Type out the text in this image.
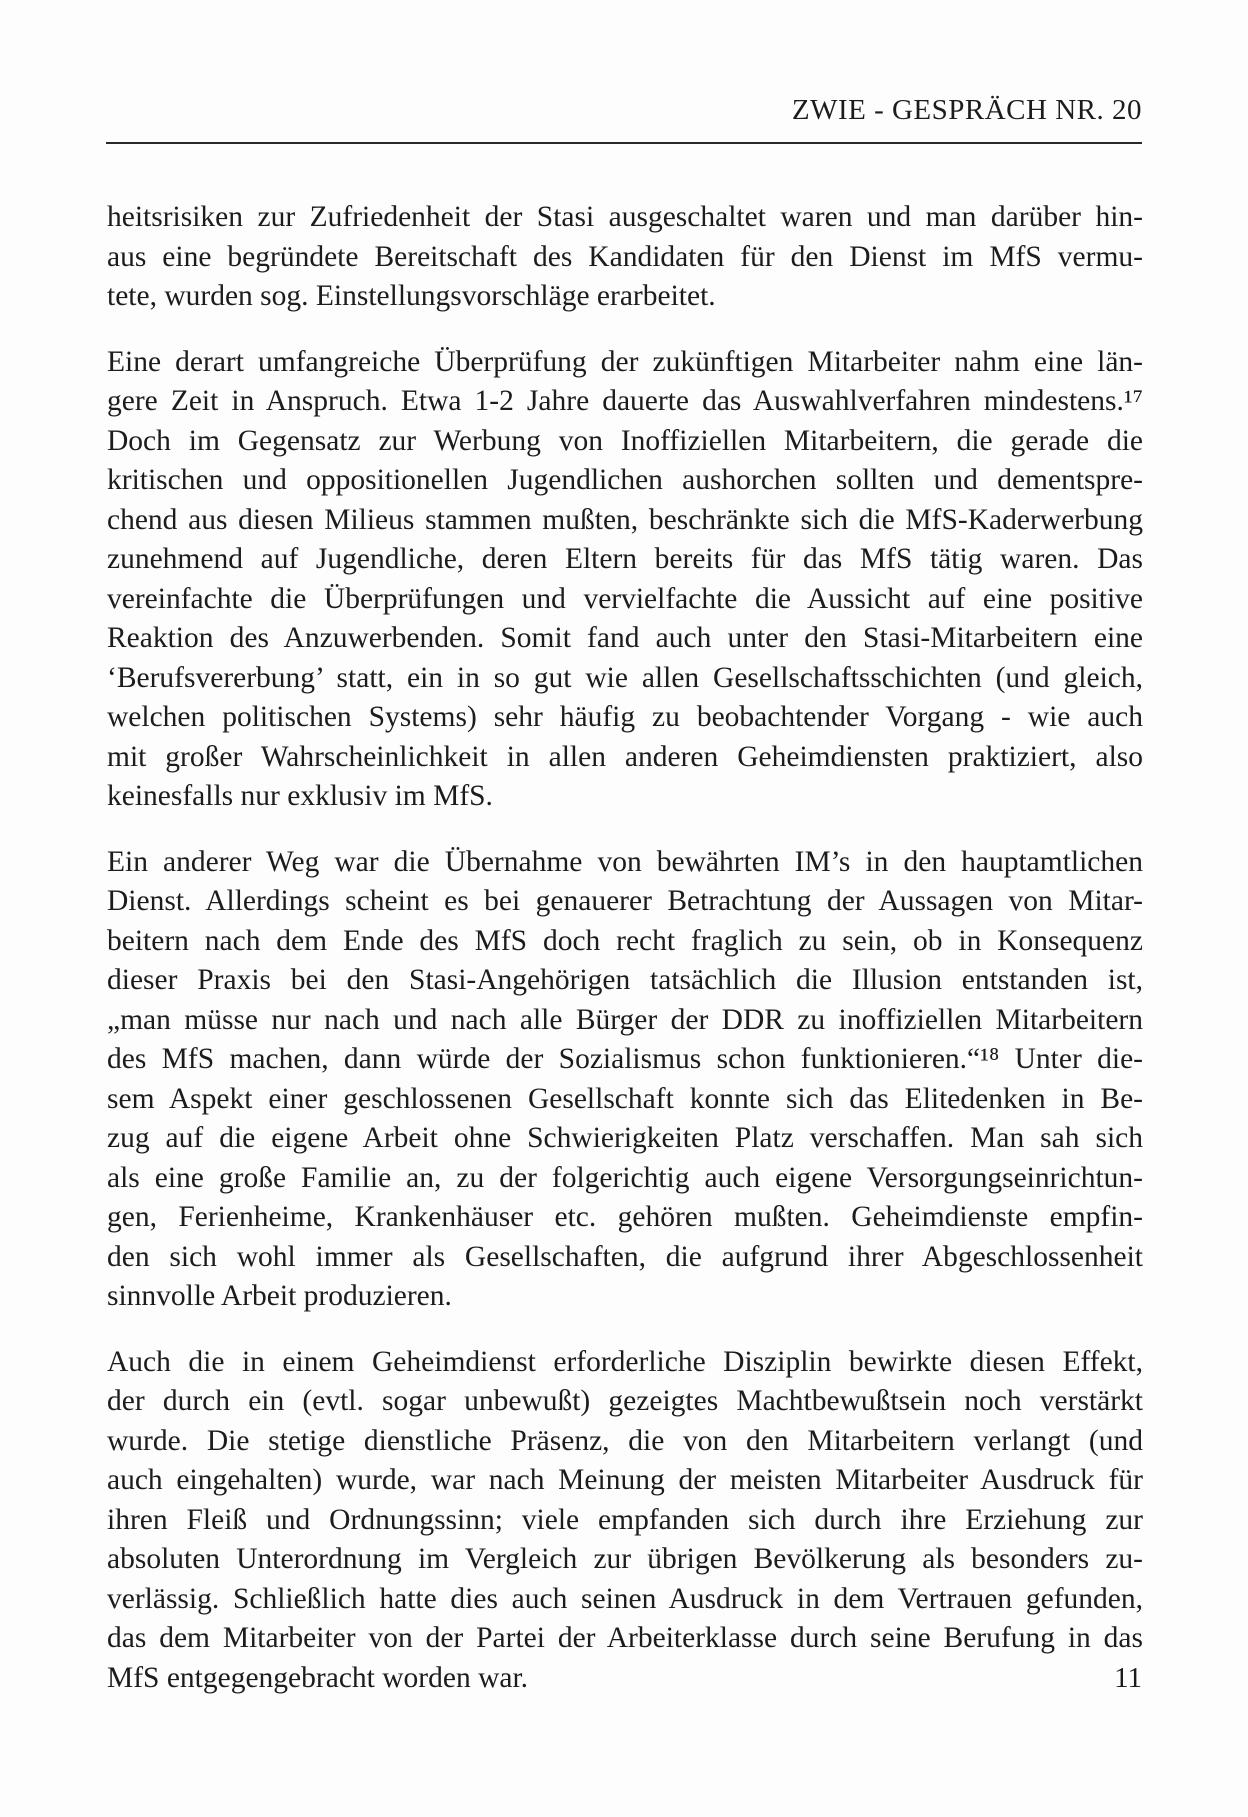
ZWIE - GESPRÄCH NR. 20
heitsrisiken zur Zufriedenheit der Stasi ausgeschaltet waren und man darüber hin-
aus eine begründete Bereitschaft des Kandidaten für den Dienst im MfS vermu-
tete, wurden sog. Einstellungsvorschläge erarbeitet.
Eine derart umfangreiche Überprüfung der zukünftigen Mitarbeiter nahm eine län-
gere Zeit in Anspruch. Etwa 1-2 Jahre dauerte das Auswahlverfahren mindestens.¹⁷
Doch im Gegensatz zur Werbung von Inoffiziellen Mitarbeitern, die gerade die
kritischen und oppositionellen Jugendlichen aushorchen sollten und dementspre-
chend aus diesen Milieus stammen mußten, beschränkte sich die MfS-Kaderwerbung
zunehmend auf Jugendliche, deren Eltern bereits für das MfS tätig waren. Das
vereinfachte die Überprüfungen und vervielfachte die Aussicht auf eine positive
Reaktion des Anzuwerbenden. Somit fand auch unter den Stasi-Mitarbeitern eine
‘Berufsvererbung’ statt, ein in so gut wie allen Gesellschaftsschichten (und gleich,
welchen politischen Systems) sehr häufig zu beobachtender Vorgang - wie auch
mit großer Wahrscheinlichkeit in allen anderen Geheimdiensten praktiziert, also
keinesfalls nur exklusiv im MfS.
Ein anderer Weg war die Übernahme von bewährten IM’s in den hauptamtlichen
Dienst. Allerdings scheint es bei genauerer Betrachtung der Aussagen von Mitar-
beitern nach dem Ende des MfS doch recht fraglich zu sein, ob in Konsequenz
dieser Praxis bei den Stasi-Angehörigen tatsächlich die Illusion entstanden ist,
„man müsse nur nach und nach alle Bürger der DDR zu inoffiziellen Mitarbeitern
des MfS machen, dann würde der Sozialismus schon funktionieren.“¹⁸ Unter die-
sem Aspekt einer geschlossenen Gesellschaft konnte sich das Elitedenken in Be-
zug auf die eigene Arbeit ohne Schwierigkeiten Platz verschaffen. Man sah sich
als eine große Familie an, zu der folgerichtig auch eigene Versorgungseinrichtun-
gen, Ferienheime, Krankenhäuser etc. gehören mußten. Geheimdienste empfin-
den sich wohl immer als Gesellschaften, die aufgrund ihrer Abgeschlossenheit
sinnvolle Arbeit produzieren.
Auch die in einem Geheimdienst erforderliche Disziplin bewirkte diesen Effekt,
der durch ein (evtl. sogar unbewußt) gezeigtes Machtbewußtsein noch verstärkt
wurde. Die stetige dienstliche Präsenz, die von den Mitarbeitern verlangt (und
auch eingehalten) wurde, war nach Meinung der meisten Mitarbeiter Ausdruck für
ihren Fleiß und Ordnungssinn; viele empfanden sich durch ihre Erziehung zur
absoluten Unterordnung im Vergleich zur übrigen Bevölkerung als besonders zu-
verlässig. Schließlich hatte dies auch seinen Ausdruck in dem Vertrauen gefunden,
das dem Mitarbeiter von der Partei der Arbeiterklasse durch seine Berufung in das
MfS entgegengebracht worden war.	11
